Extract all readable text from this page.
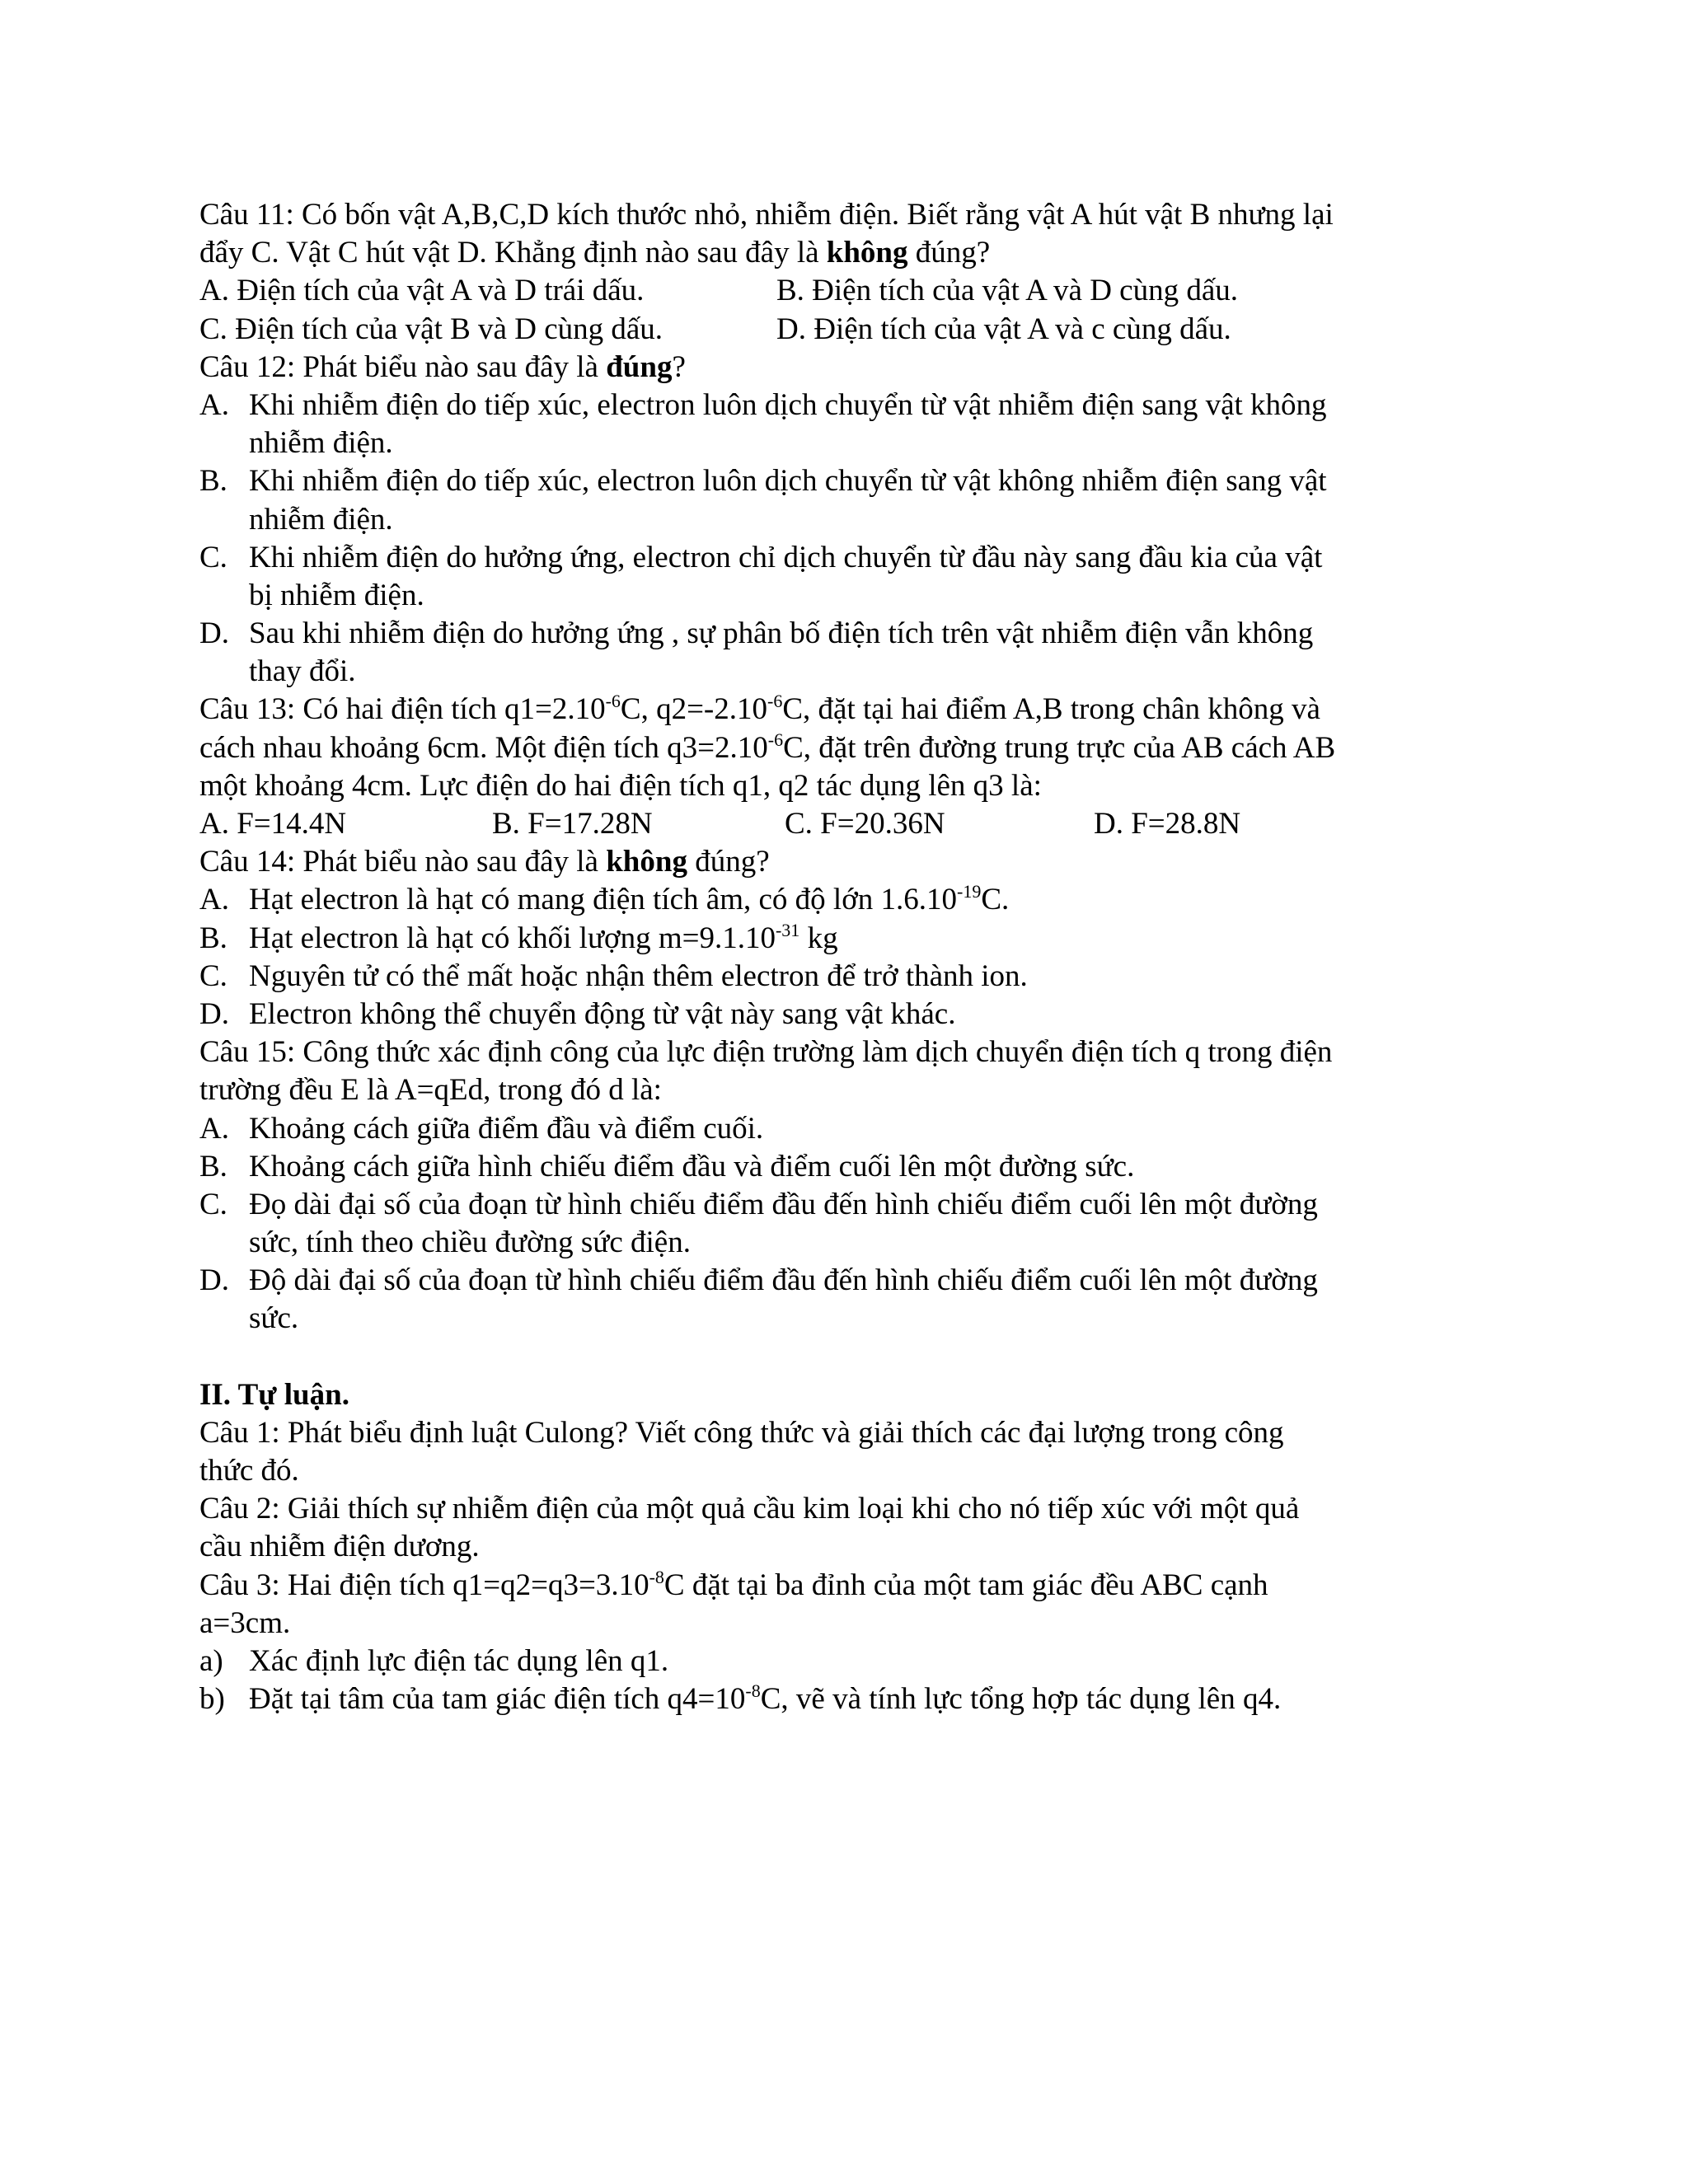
Câu 11: Có bốn vật A,B,C,D kích thước nhỏ, nhiễm điện. Biết rằng vật A hút vật B nhưng lại
đẩy C. Vật C hút vật D. Khẳng định nào sau đây là không đúng?
A. Điện tích của vật A và D trái dấu.	B. Điện tích của vật A và D cùng dấu.
C. Điện tích của vật B và D cùng dấu.	D. Điện tích của vật A và c cùng dấu.
Câu 12: Phát biểu nào sau đây là đúng?
A. Khi nhiễm điện do tiếp xúc, electron luôn dịch chuyển từ vật nhiễm điện sang vật không
nhiễm điện.
B. Khi nhiễm điện do tiếp xúc, electron luôn dịch chuyển từ vật không nhiễm điện sang vật
nhiễm điện.
C. Khi nhiễm điện do hưởng ứng, electron chỉ dịch chuyển từ đầu này sang đầu kia của vật
bị nhiễm điện.
D. Sau khi nhiễm điện do hưởng ứng , sự phân bố điện tích trên vật nhiễm điện vẫn không
thay đổi.
Câu 13: Có hai điện tích $q1=2.10^{-6}C$, $q2=-2.10^{-6}C$, đặt tại hai điểm A,B trong chân không và
cách nhau khoảng 6cm. Một điện tích $q3=2.10^{-6}C$, đặt trên đường trung trực của AB cách AB
một khoảng 4cm. Lực điện do hai điện tích q1, q2 tác dụng lên q3 là:
A. F=14.4N	B. F=17.28N	C. F=20.36N	D. F=28.8N
Câu 14: Phát biểu nào sau đây là không đúng?
A. Hạt electron là hạt có mang điện tích âm, có độ lớn $1.6.10^{-19}C$.
B. Hạt electron là hạt có khối lượng $m=9.1.10^{-31}$ kg
C. Nguyên tử có thể mất hoặc nhận thêm electron để trở thành ion.
D. Electron không thể chuyển động từ vật này sang vật khác.
Câu 15: Công thức xác định công của lực điện trường làm dịch chuyển điện tích q trong điện
trường đều E là A=qEd, trong đó d là:
A. Khoảng cách giữa điểm đầu và điểm cuối.
B. Khoảng cách giữa hình chiếu điểm đầu và điểm cuối lên một đường sức.
C. Đọ dài đại số của đoạn từ hình chiếu điểm đầu đến hình chiếu điểm cuối lên một đường
sức, tính theo chiều đường sức điện.
D. Độ dài đại số của đoạn từ hình chiếu điểm đầu đến hình chiếu điểm cuối lên một đường
sức.
II. Tự luận.
Câu 1: Phát biểu định luật Culong? Viết công thức và giải thích các đại lượng trong công
thức đó.
Câu 2: Giải thích sự nhiễm điện của một quả cầu kim loại khi cho nó tiếp xúc với một quả
cầu nhiễm điện dương.
Câu 3: Hai điện tích $q1=q2=q3=3.10^{-8}C$ đặt tại ba đỉnh của một tam giác đều ABC cạnh
a=3cm.
a) Xác định lực điện tác dụng lên q1.
b) Đặt tại tâm của tam giác điện tích $q4=10^{-8}C$, vẽ và tính lực tổng hợp tác dụng lên q4.
